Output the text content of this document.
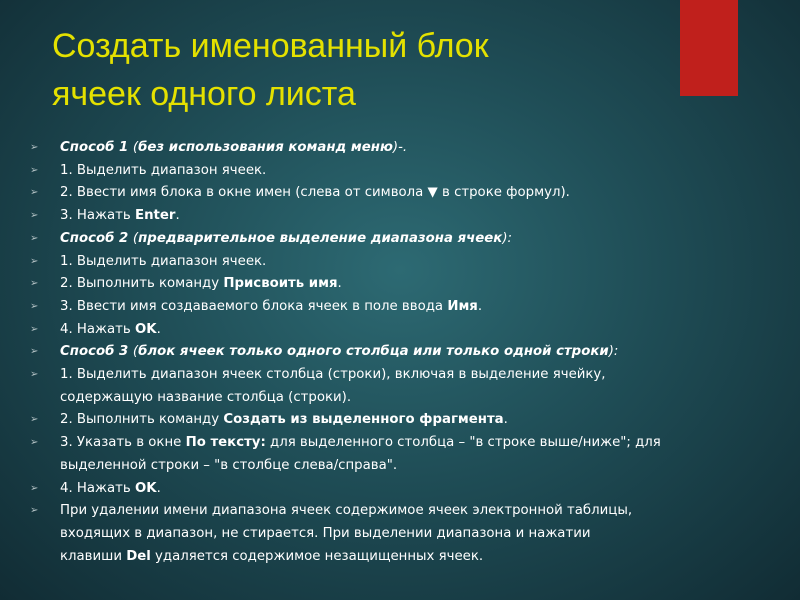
Создать именованный блок
ячеек одного листа
➢	Способ 1 (без использования команд меню)-.
➢	1. Выделить диапазон ячеек.
➢	2. Ввести имя блока в окне имен (слева от символа ▼ в строке формул).
➢	3. Нажать Enter.
➢	Способ 2 (предварительное выделение диапазона ячеек):
➢	1. Выделить диапазон ячеек.
➢	2. Выполнить команду Присвоить имя.
➢	3. Ввести имя создаваемого блока ячеек в поле ввода Имя.
➢	4. Нажать OK.
➢	Способ 3 (блок ячеек только одного столбца или только одной строки):
➢	1. Выделить диапазон ячеек столбца (строки), включая в выделение ячейку,
содержащую название столбца (строки).
➢	2. Выполнить команду Создать из выделенного фрагмента.
➢	3. Указать в окне По тексту: для выделенного столбца – "в строке выше/ниже"; для
выделенной строки – "в столбце слева/справа".
➢	4. Нажать OK.
➢	При удалении имени диапазона ячеек содержимое ячеек электронной таблицы,
входящих в диапазон, не стирается. При выделении диапазона и нажатии
клавиши Del удаляется содержимое незащищенных ячеек.
